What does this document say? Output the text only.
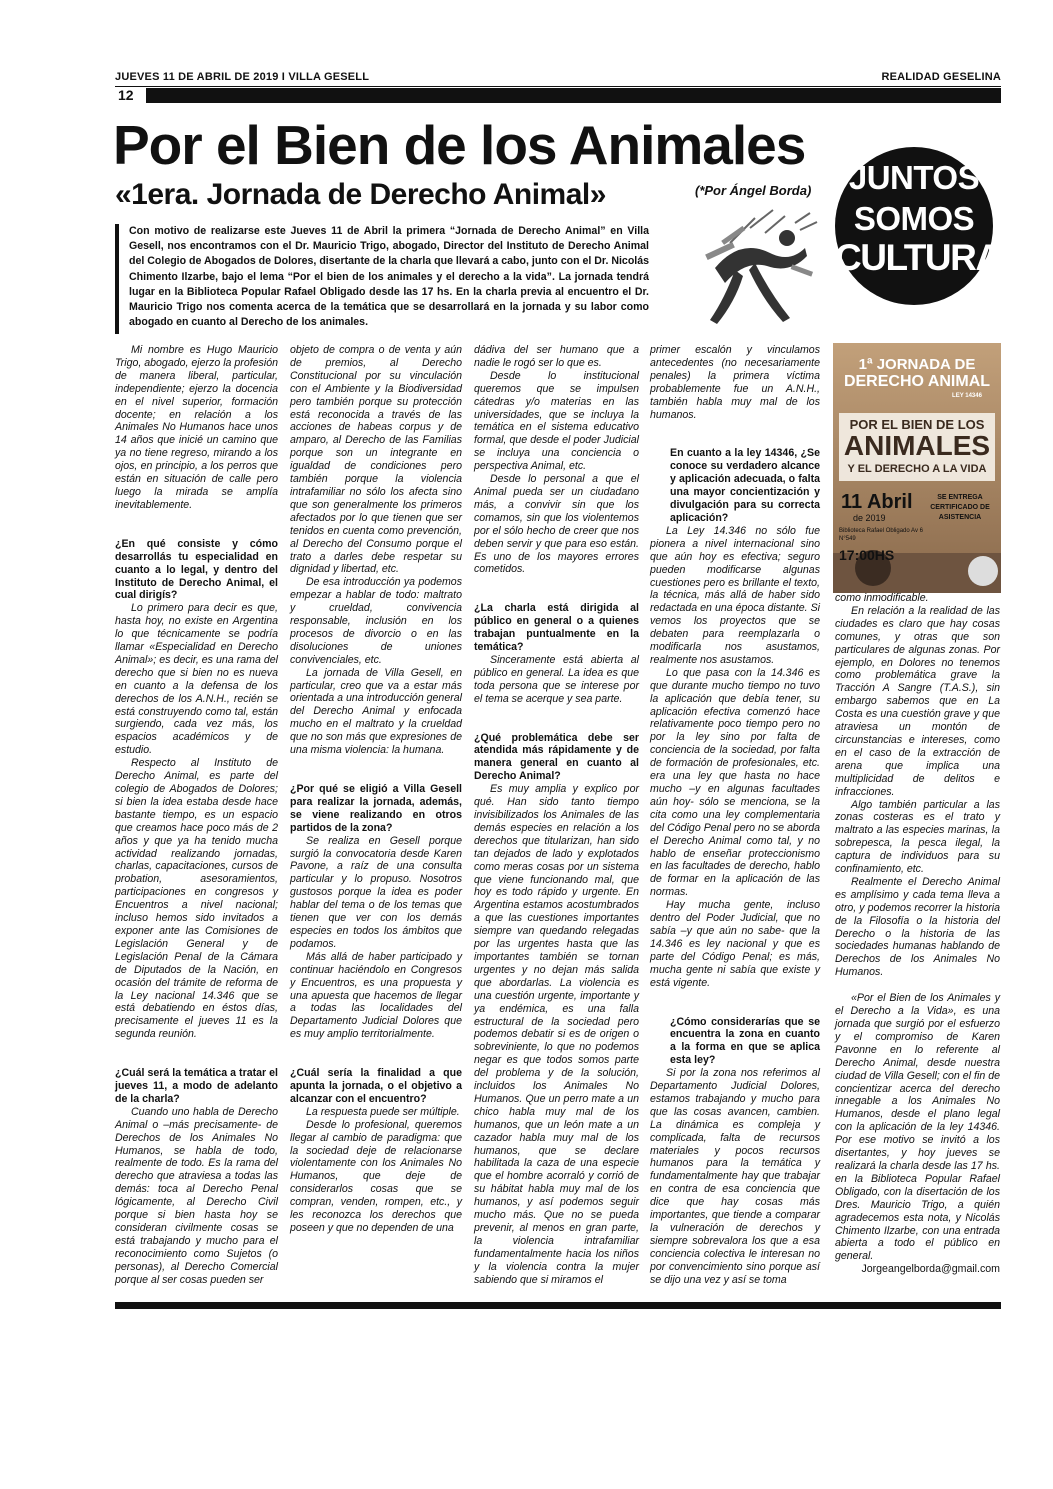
JUEVES 11 DE ABRIL DE 2019 I VILLA GESELL	REALIDAD GESELINA
12
Por el Bien de los Animales
«1era. Jornada de Derecho Animal»	(*Por Ángel Borda)	JUNTOS
SOMOS
CULTURA
Con motivo de realizarse este Jueves 11 de Abril la primera “Jornada de Derecho Animal” en Villa Gesell, nos encontramos con el Dr. Mauricio Trigo, abogado, Director del Instituto de Derecho Animal del Colegio de Abogados de Dolores, disertante de la charla que llevará a cabo, junto con el Dr. Nicolás Chimento Ilzarbe, bajo el lema “Por el bien de los animales y el derecho a la vida”. La jornada tendrá lugar en la Biblioteca Popular Rafael Obligado desde las 17 hs. En la charla previa al encuentro el Dr. Mauricio Trigo nos comenta acerca de la temática que se desarrollará en la jornada y su labor como abogado en cuanto al Derecho de los animales.

Mi nombre es Hugo Mauricio Trigo, abogado, ejerzo la profesión de manera liberal, particular, independiente; ejerzo la docencia en el nivel superior, formación docente; en relación a los Animales No Humanos hace unos 14 años que inicié un camino que ya no tiene regreso, mirando a los ojos, en principio, a los perros que están en situación de calle pero luego la mirada se amplía inevitablemente.

¿En qué consiste y cómo desarrollás tu especialidad en cuanto a lo legal, y dentro del Instituto de Derecho Animal, el cual dirigís?

Lo primero para decir es que, hasta hoy, no existe en Argentina lo que técnicamente se podría llamar «Especialidad en Derecho Animal»; es decir, es una rama del derecho que si bien no es nueva en cuanto a la defensa de los derechos de los A.N.H., recién se está construyendo como tal, están surgiendo, cada vez más, los espacios académicos y de estudio.

Respecto al Instituto de Derecho Animal, es parte del colegio de Abogados de Dolores; si bien la idea estaba desde hace bastante tiempo, es un espacio que creamos hace poco más de 2 años y que ya ha tenido mucha actividad realizando jornadas, charlas, capacitaciones, cursos de probation, asesoramientos, participaciones en congresos y Encuentros a nivel nacional; incluso hemos sido invitados a exponer ante las Comisiones de Legislación General y de Legislación Penal de la Cámara de Diputados de la Nación, en ocasión del trámite de reforma de la Ley nacional 14.346 que se está debatiendo en éstos días, precisamente el jueves 11 es la segunda reunión.

¿Cuál será la temática a tratar el jueves 11, a modo de adelanto de la charla?

Cuando uno habla de Derecho Animal o –más precisamente- de Derechos de los Animales No Humanos, se habla de todo, realmente de todo. Es la rama del derecho que atraviesa a todas las demás: toca al Derecho Penal lógicamente, al Derecho Civil porque si bien hasta hoy se consideran civilmente cosas se está trabajando y mucho para el reconocimiento como Sujetos (o personas), al Derecho Comercial porque al ser cosas pueden ser

objeto de compra o de venta y aún de premios, al Derecho Constitucional por su vinculación con el Ambiente y la Biodiversidad pero también porque su protección está reconocida a través de las acciones de habeas corpus y de amparo, al Derecho de las Familias porque son un integrante en igualdad de condiciones pero también porque la violencia intrafamiliar no sólo los afecta sino que son generalmente los primeros afectados por lo que tienen que ser tenidos en cuenta como prevención, al Derecho del Consumo porque el trato a darles debe respetar su dignidad y libertad, etc.

De esa introducción ya podemos empezar a hablar de todo: maltrato y crueldad, convivencia responsable, inclusión en los procesos de divorcio o en las disoluciones de uniones convivenciales, etc.

La jornada de Villa Gesell, en particular, creo que va a estar más orientada a una introducción general del Derecho Animal y enfocada mucho en el maltrato y la crueldad que no son más que expresiones de una misma violencia: la humana.

¿Por qué se eligió a Villa Gesell para realizar la jornada, además, se viene realizando en otros partidos de la zona?

Se realiza en Gesell porque surgió la convocatoria desde Karen Pavone, a raíz de una consulta particular y lo propuso. Nosotros gustosos porque la idea es poder hablar del tema o de los temas que tienen que ver con los demás especies en todos los ámbitos que podamos.

Más allá de haber participado y continuar haciéndolo en Congresos y Encuentros, es una propuesta y una apuesta que hacemos de llegar a todas las localidades del Departamento Judicial Dolores que es muy amplio territorialmente.

¿Cuál sería la finalidad a que apunta la jornada, o el objetivo a alcanzar con el encuentro?

La respuesta puede ser múltiple.

Desde lo profesional, queremos llegar al cambio de paradigma: que la sociedad deje de relacionarse violentamente con los Animales No Humanos, que deje de considerarlos cosas que se compran, venden, rompen, etc., y les reconozca los derechos que poseen y que no dependen de una

dádiva del ser humano que a nadie le rogó ser lo que es.

Desde lo institucional queremos que se impulsen cátedras y/o materias en las universidades, que se incluya la temática en el sistema educativo formal, que desde el poder Judicial se incluya una conciencia o perspectiva Animal, etc.

Desde lo personal a que el Animal pueda ser un ciudadano más, a convivir sin que los comamos, sin que los violentemos por el sólo hecho de creer que nos deben servir y que para eso están. Es uno de los mayores errores cometidos.

¿La charla está dirigida al público en general o a quienes trabajan puntualmente en la temática?

Sinceramente está abierta al público en general. La idea es que toda persona que se interese por el tema se acerque y sea parte.

¿Qué problemática debe ser atendida más rápidamente y de manera general en cuanto al Derecho Animal?

Es muy amplia y explico por qué. Han sido tanto tiempo invisibilizados los Animales de las demás especies en relación a los derechos que titularizan, han sido tan dejados de lado y explotados como meras cosas por un sistema que viene funcionando mal, que hoy es todo rápido y urgente. En Argentina estamos acostumbrados a que las cuestiones importantes siempre van quedando relegadas por las urgentes hasta que las importantes también se tornan urgentes y no dejan más salida que abordarlas. La violencia es una cuestión urgente, importante y ya endémica, es una falla estructural de la sociedad pero podemos debatir si es de origen o sobreviniente, lo que no podemos negar es que todos somos parte del problema y de la solución, incluidos los Animales No Humanos. Que un perro mate a un chico habla muy mal de los humanos, que un león mate a un cazador habla muy mal de los humanos, que se declare habilitada la caza de una especie que el hombre acorraló y corrió de su hábitat habla muy mal de los humanos, y así podemos seguir mucho más. Que no se pueda prevenir, al menos en gran parte, la violencia intrafamiliar fundamentalmente hacia los niños y la violencia contra la mujer sabiendo que si miramos el

primer escalón y vinculamos antecedentes (no necesariamente penales) la primera víctima probablemente fue un A.N.H., también habla muy mal de los humanos.

En cuanto a la ley 14346, ¿Se conoce su verdadero alcance y aplicación adecuada, o falta una mayor concientización y divulgación para su correcta aplicación?

La Ley 14.346 no sólo fue pionera a nivel internacional sino que aún hoy es efectiva; seguro pueden modificarse algunas cuestiones pero es brillante el texto, la técnica, más allá de haber sido redactada en una época distante. Si vemos los proyectos que se debaten para reemplazarla o modificarla nos asustamos, realmente nos asustamos.

Lo que pasa con la 14.346 es que durante mucho tiempo no tuvo la aplicación que debía tener, su aplicación efectiva comenzó hace relativamente poco tiempo pero no por la ley sino por falta de conciencia de la sociedad, por falta de formación de profesionales, etc. era una ley que hasta no hace mucho –y en algunas facultades aún hoy- sólo se menciona, se la cita como una ley complementaria del Código Penal pero no se aborda el Derecho Animal como tal, y no hablo de enseñar proteccionismo en las facultades de derecho, hablo de formar en la aplicación de las normas.

Hay mucha gente, incluso dentro del Poder Judicial, que no sabía –y que aún no sabe- que la 14.346 es ley nacional y que es parte del Código Penal; es más, mucha gente ni sabía que existe y está vigente.

¿Cómo considerarías que se encuentra la zona en cuanto a la forma en que se aplica esta ley?

Si por la zona nos referimos al Departamento Judicial Dolores, estamos trabajando y mucho para que las cosas avancen, cambien. La dinámica es compleja y complicada, falta de recursos materiales y pocos recursos humanos para la temática y fundamentalmente hay que trabajar en contra de esa conciencia que dice que hay cosas más importantes, que tiende a comparar la vulneración de derechos y siempre sobrevalora los que a esa conciencia colectiva le interesan no por convencimiento sino porque así se dijo una vez y así se toma

1ª JORNADA DE
DERECHO ANIMAL
LEY 14346
POR EL BIEN DE LOS
ANIMALES
Y EL DERECHO A LA VIDA
11 Abril
de 2019
SE ENTREGA CERTIFICADO DE ASISTENCIA
Biblioteca Rafael Obligado Av 6 N°549
17:00HS

como inmodificable.

En relación a la realidad de las ciudades es claro que hay cosas comunes, y otras que son particulares de algunas zonas. Por ejemplo, en Dolores no tenemos como problemática grave la Tracción A Sangre (T.A.S.), sin embargo sabemos que en La Costa es una cuestión grave y que atraviesa un montón de circunstancias e intereses, como en el caso de la extracción de arena que implica una multiplicidad de delitos e infracciones.

Algo también particular a las zonas costeras es el trato y maltrato a las especies marinas, la sobrepesca, la pesca ilegal, la captura de individuos para su confinamiento, etc.

Realmente el Derecho Animal es amplísimo y cada tema lleva a otro, y podemos recorrer la historia de la Filosofía o la historia del Derecho o la historia de las sociedades humanas hablando de Derechos de los Animales No Humanos.

«Por el Bien de los Animales y el Derecho a la Vida», es una jornada que surgió por el esfuerzo y el compromiso de Karen Pavonne en lo referente al Derecho Animal, desde nuestra ciudad de Villa Gesell; con el fin de concientizar acerca del derecho innegable a los Animales No Humanos, desde el plano legal con la aplicación de la ley 14346. Por ese motivo se invitó a los disertantes, y hoy jueves se realizará la charla desde las 17 hs. en la Biblioteca Popular Rafael Obligado, con la disertación de los Dres. Mauricio Trigo, a quién agradecemos esta nota, y Nicolás Chimento Ilzarbe, con una entrada abierta a todo el público en general.

Jorgeangelborda@gmail.com
